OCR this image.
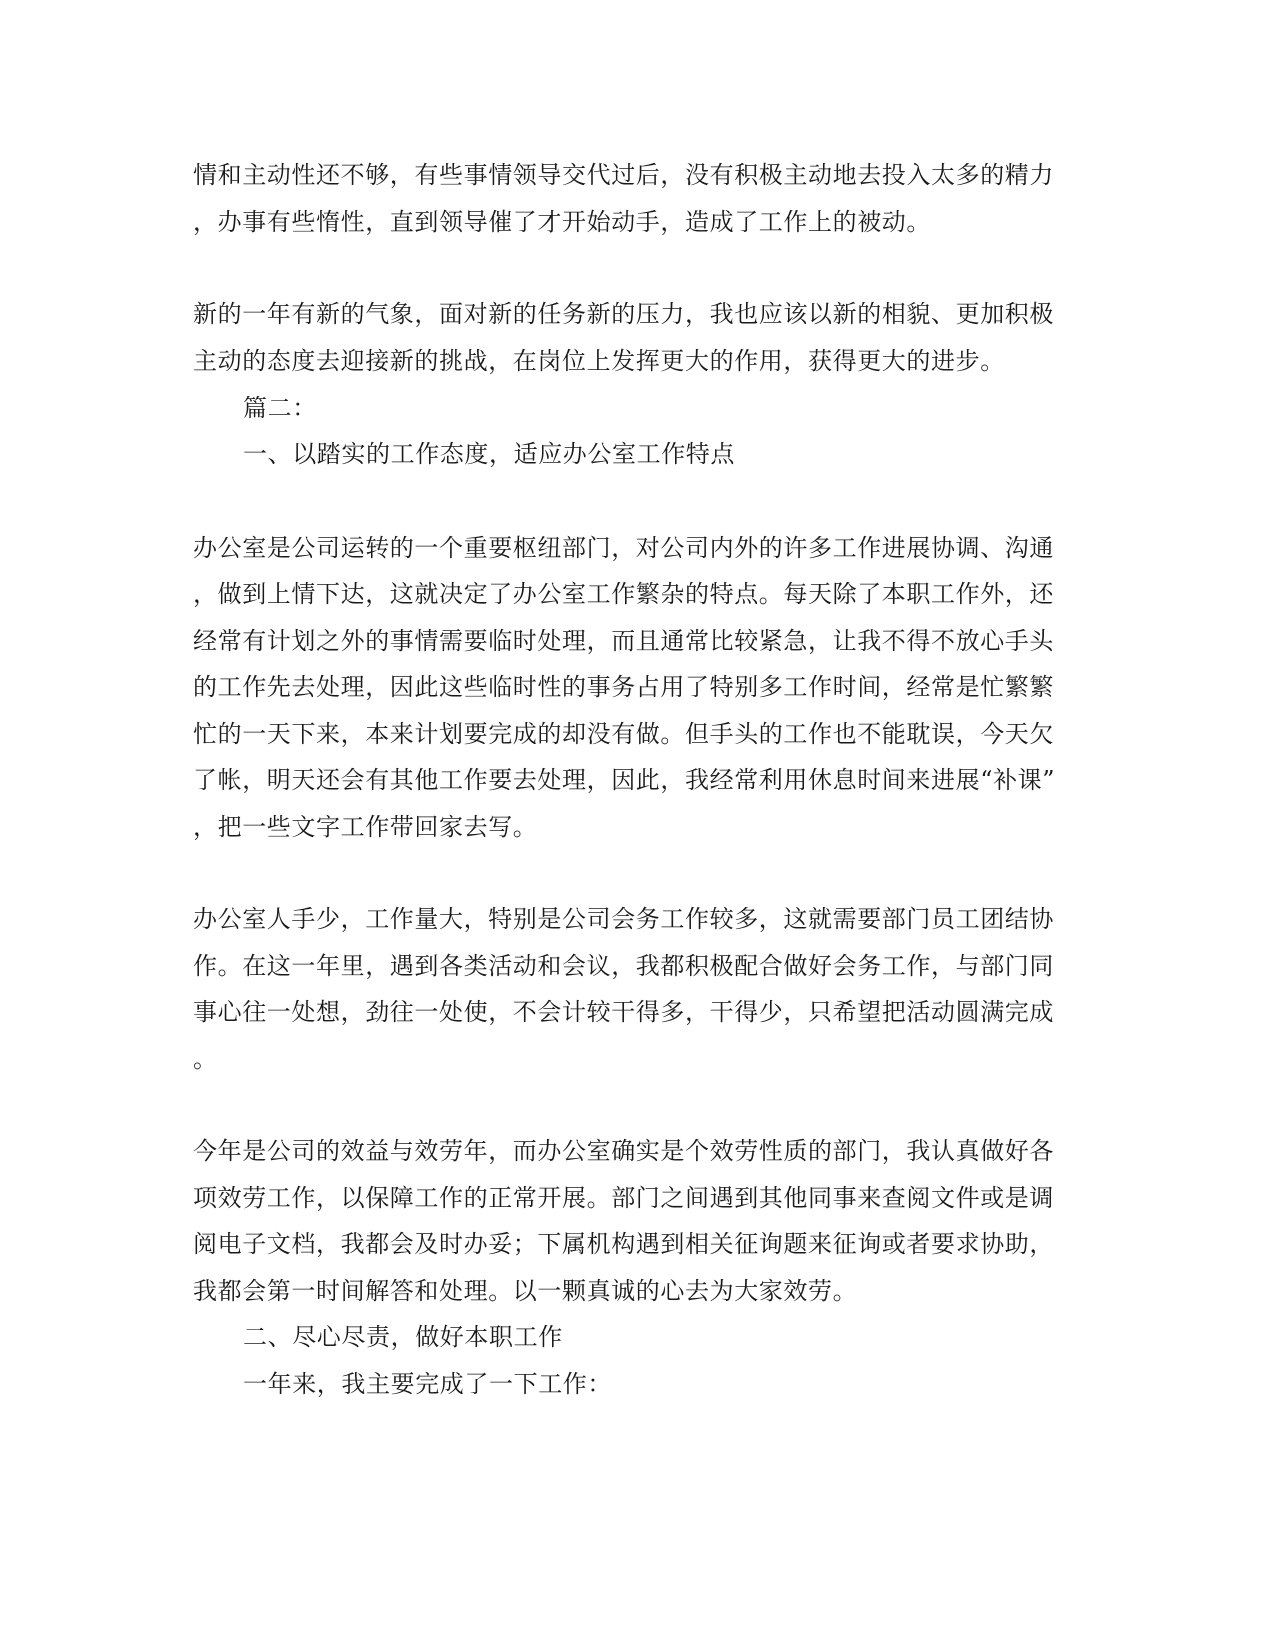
情和主动性还不够，有些事情领导交代过后，没有积极主动地去投入太多的精力
，办事有些惰性，直到领导催了才开始动手，造成了工作上的被动。
新的一年有新的气象，面对新的任务新的压力，我也应该以新的相貌、更加积极
主动的态度去迎接新的挑战，在岗位上发挥更大的作用，获得更大的进步。
篇二：
一、以踏实的工作态度，适应办公室工作特点
办公室是公司运转的一个重要枢纽部门，对公司内外的许多工作进展协调、沟通
，做到上情下达，这就决定了办公室工作繁杂的特点。每天除了本职工作外，还
经常有计划之外的事情需要临时处理，而且通常比较紧急，让我不得不放心手头
的工作先去处理，因此这些临时性的事务占用了特别多工作时间，经常是忙繁繁
忙的一天下来，本来计划要完成的却没有做。但手头的工作也不能耽误，今天欠
了帐，明天还会有其他工作要去处理，因此，我经常利用休息时间来进展“补课”
，把一些文字工作带回家去写。
办公室人手少，工作量大，特别是公司会务工作较多，这就需要部门员工团结协
作。在这一年里，遇到各类活动和会议，我都积极配合做好会务工作，与部门同
事心往一处想，劲往一处使，不会计较干得多，干得少，只希望把活动圆满完成
。
今年是公司的效益与效劳年，而办公室确实是个效劳性质的部门，我认真做好各
项效劳工作，以保障工作的正常开展。部门之间遇到其他同事来查阅文件或是调
阅电子文档，我都会及时办妥；下属机构遇到相关征询题来征询或者要求协助，
我都会第一时间解答和处理。以一颗真诚的心去为大家效劳。
二、尽心尽责，做好本职工作
一年来，我主要完成了一下工作：
